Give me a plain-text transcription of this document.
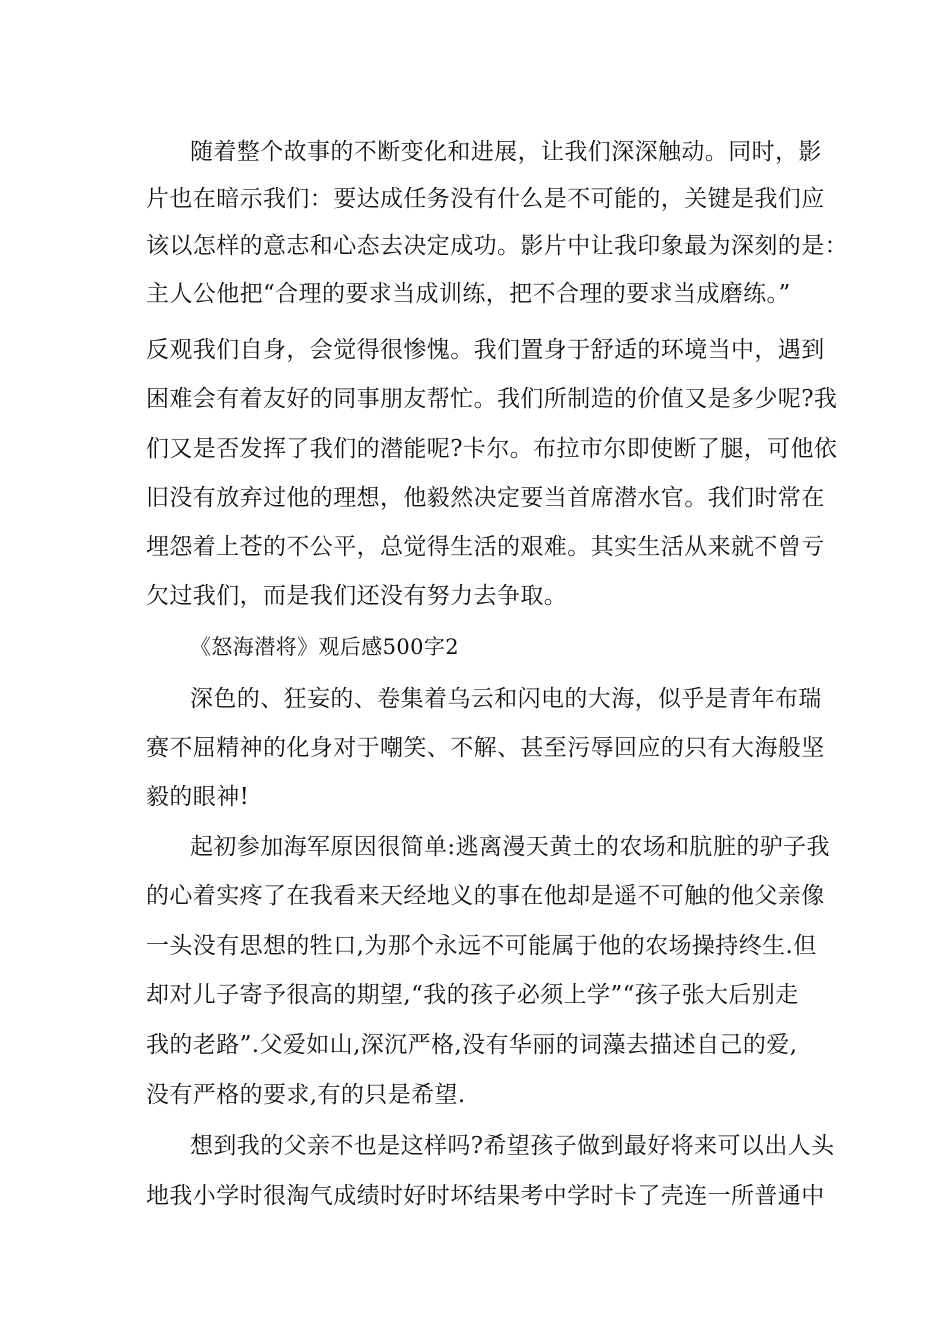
随着整个故事的不断变化和进展，让我们深深触动。同时，影
片也在暗示我们：要达成任务没有什么是不可能的，关键是我们应
该以怎样的意志和心态去决定成功。影片中让我印象最为深刻的是：
主人公他把“合理的要求当成训练，把不合理的要求当成磨练。”
反观我们自身，会觉得很惨愧。我们置身于舒适的环境当中，遇到
困难会有着友好的同事朋友帮忙。我们所制造的价值又是多少呢?我
们又是否发挥了我们的潜能呢?卡尔。布拉市尔即使断了腿，可他依
旧没有放弃过他的理想，他毅然决定要当首席潜水官。我们时常在
埋怨着上苍的不公平，总觉得生活的艰难。其实生活从来就不曾亏
欠过我们，而是我们还没有努力去争取。
《怒海潜将》观后感500字2
深色的、狂妄的、卷集着乌云和闪电的大海，似乎是青年布瑞
赛不屈精神的化身对于嘲笑、不解、甚至污辱回应的只有大海般坚
毅的眼神!
起初参加海军原因很简单:逃离漫天黄土的农场和肮脏的驴子我
的心着实疼了在我看来天经地义的事在他却是遥不可触的他父亲像
一头没有思想的牲口,为那个永远不可能属于他的农场操持终生.但
却对儿子寄予很高的期望,“我的孩子必须上学”“孩子张大后别走
我的老路”.父爱如山,深沉严格,没有华丽的词藻去描述自己的爱,
没有严格的要求,有的只是希望.
想到我的父亲不也是这样吗?希望孩子做到最好将来可以出人头
地我小学时很淘气成绩时好时坏结果考中学时卡了壳连一所普通中
